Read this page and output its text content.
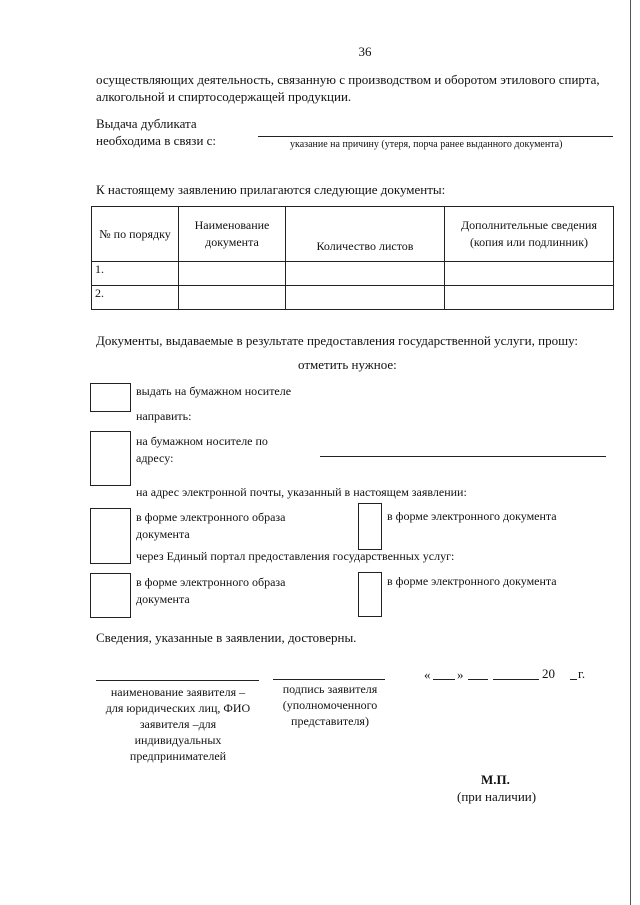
36
осуществляющих деятельность, связанную с производством и оборотом этилового спирта,
алкогольной и спиртосодержащей продукции.
Выдача дубликата
необходима в связи с:	указание на причину (утеря, порча ранее выданного документа)
К настоящему заявлению прилагаются следующие документы:
№ по порядку	Наименование документа	Количество листов	Дополнительные сведения (копия или подлинник)
1.			
2.			
Документы, выдаваемые в результате предоставления государственной услуги, прошу:
отметить нужное:
выдать на бумажном носителе
направить:
на бумажном носителе по
адресу:
на адрес электронной почты, указанный в настоящем заявлении:
в форме электронного образа
документа
в форме электронного документа
через Единый портал предоставления государственных услуг:
в форме электронного образа
документа
в форме электронного документа
Сведения, указанные в заявлении, достоверны.
наименование заявителя –
для юридических лиц, ФИО
заявителя –для
индивидуальных
предпринимателей
подпись заявителя
(уполномоченного
представителя)
« »	20 г.
М.П.
(при наличии)
